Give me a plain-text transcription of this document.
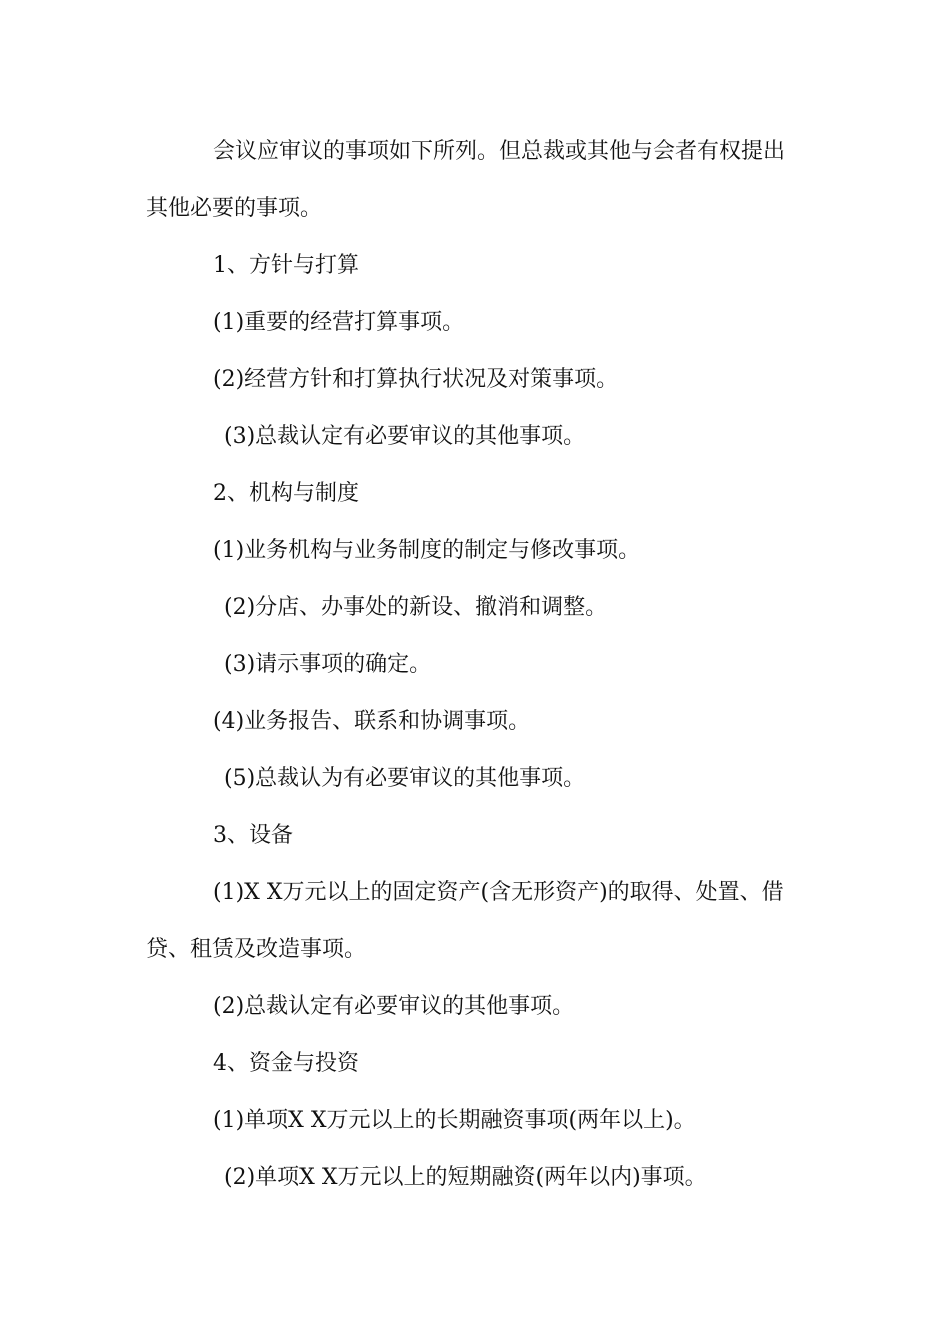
会议应审议的事项如下所列。但总裁或其他与会者有权提出
其他必要的事项。
1、方针与打算
(1)重要的经营打算事项。
(2)经营方针和打算执行状况及对策事项。
(3)总裁认定有必要审议的其他事项。
2、机构与制度
(1)业务机构与业务制度的制定与修改事项。
(2)分店、办事处的新设、撤消和调整。
(3)请示事项的确定。
(4)业务报告、联系和协调事项。
(5)总裁认为有必要审议的其他事项。
3、设备
(1)X X万元以上的固定资产(含无形资产)的取得、处置、借
贷、租赁及改造事项。
(2)总裁认定有必要审议的其他事项。
4、资金与投资
(1)单项X X万元以上的长期融资事项(两年以上)。
(2)单项X X万元以上的短期融资(两年以内)事项。
